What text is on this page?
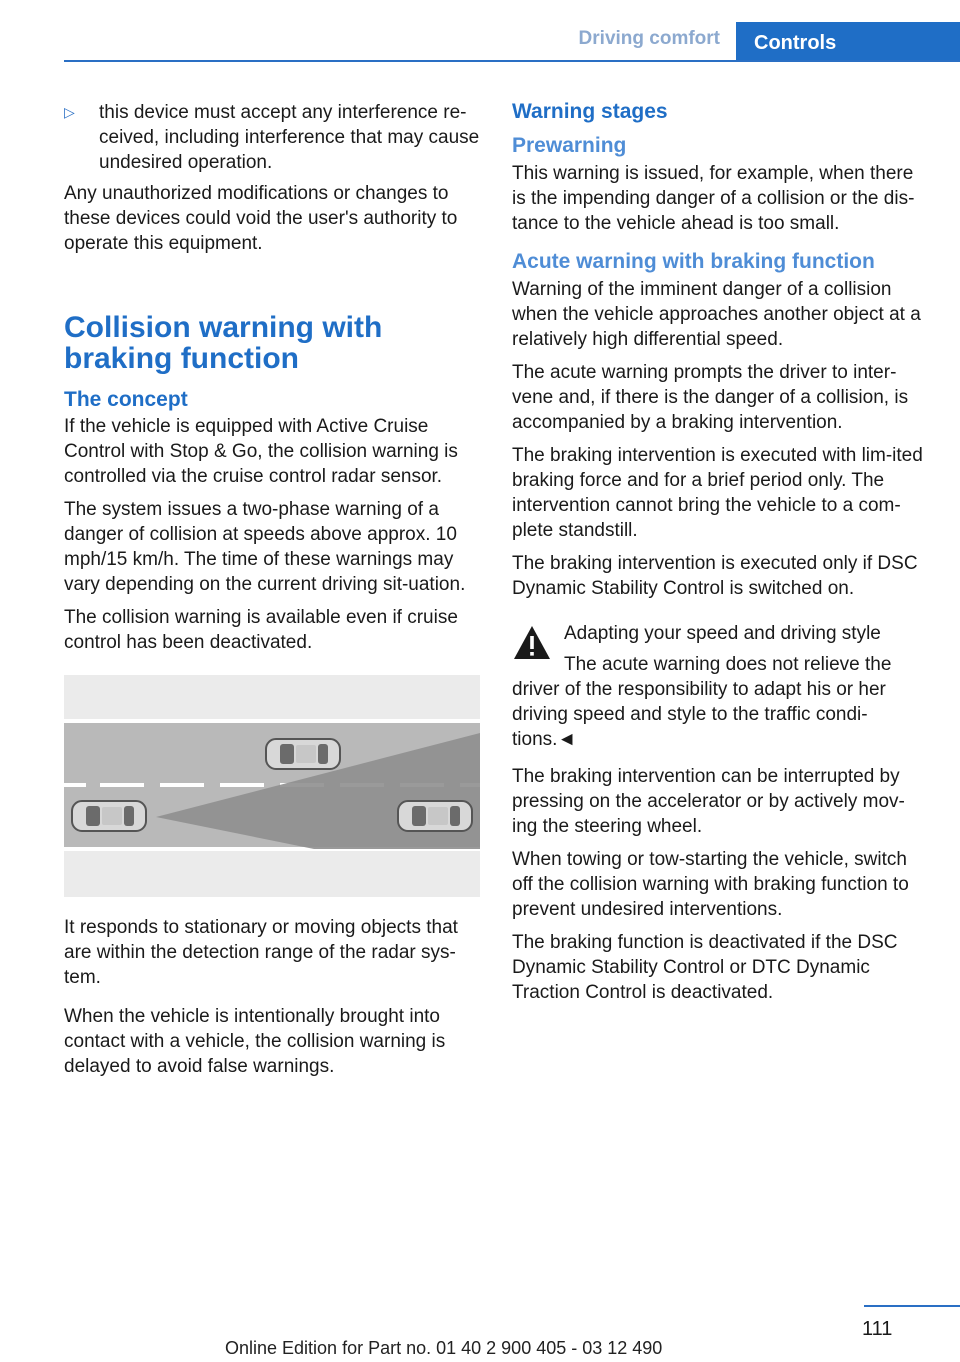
Driving comfort	Controls
▷ this device must accept any interference re‐ceived, including interference that may cause undesired operation.

Any unauthorized modifications or changes to these devices could void the user's authority to operate this equipment.

Collision warning with braking function
The concept

If the vehicle is equipped with Active Cruise Control with Stop & Go, the collision warning is controlled via the cruise control radar sensor.

The system issues a two-phase warning of a danger of collision at speeds above approx. 10 mph/15 km/h. The time of these warnings may vary depending on the current driving sit‐uation.

The collision warning is available even if cruise control has been deactivated.

It responds to stationary or moving objects that are within the detection range of the radar sys‐tem.

When the vehicle is intentionally brought into contact with a vehicle, the collision warning is delayed to avoid false warnings.

Warning stages
Prewarning

This warning is issued, for example, when there is the impending danger of a collision or the dis‐tance to the vehicle ahead is too small.

Acute warning with braking function

Warning of the imminent danger of a collision when the vehicle approaches another object at a relatively high differential speed.

The acute warning prompts the driver to inter‐vene and, if there is the danger of a collision, is accompanied by a braking intervention.

The braking intervention is executed with lim‐ited braking force and for a brief period only. The intervention cannot bring the vehicle to a com‐plete standstill.

The braking intervention is executed only if DSC Dynamic Stability Control is switched on.

Adapting your speed and driving style

The acute warning does not relieve the

driver of the responsibility to adapt his or her driving speed and style to the traffic condi‐tions.◄

The braking intervention can be interrupted by pressing on the accelerator or by actively mov‐ing the steering wheel.

When towing or tow-starting the vehicle, switch off the collision warning with braking function to prevent undesired interventions.

The braking function is deactivated if the DSC Dynamic Stability Control or DTC Dynamic Traction Control is deactivated.

111
Online Edition for Part no. 01 40 2 900 405 - 03 12 490
